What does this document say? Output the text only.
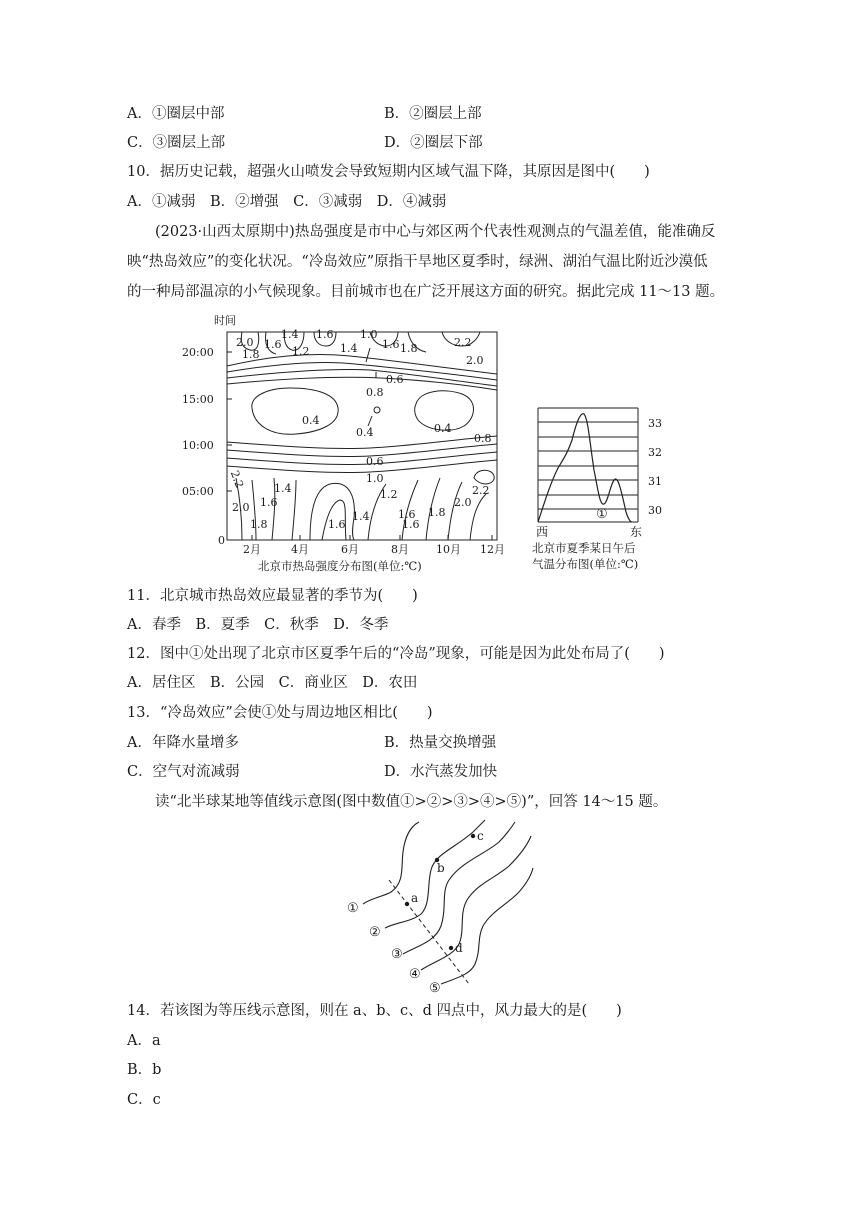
A．①圈层中部	B．②圈层上部
C．③圈层上部	D．②圈层下部
10．据历史记载，超强火山喷发会导致短期内区域气温下降，其原因是图中(　　)
A．①减弱　B．②增强　C．③减弱　D．④减弱
(2023·山西太原期中)热岛强度是市中心与郊区两个代表性观测点的气温差值，能准确反
映“热岛效应”的变化状况。“冷岛效应”原指干旱地区夏季时，绿洲、湖泊气温比附近沙漠低
的一种局部温凉的小气候现象。目前城市也在广泛开展这方面的研究。据此完成 11～13 题。
2.0 1.6
1.4 1.6 1.0
1.6	2.2
1.8	1.2	1.4	1.8
2.0
0.6
0.8
0.4
0.4	0.4
0.8
0.6
1.0
1.2
1.4
1.6
2.0
1.8
2.2
1.4
1.6	1.6
1.8
2.0
2.2
1.6
时间
20:00
15:00
10:00
05:00
0
2月	4月	6月	8月 10月 12月
北京市热岛强度分布图(单位:℃)
33
32
31
30
①
西	东
北京市夏季某日午后
气温分布图(单位:℃)
11．北京城市热岛效应最显著的季节为(　　)
A．春季　B．夏季　C．秋季　D．冬季
12．图中①处出现了北京市区夏季午后的“冷岛”现象，可能是因为此处布局了(　　)
A．居住区　B．公园　C．商业区　D．农田
13．“冷岛效应”会使①处与周边地区相比(　　)
A．年降水量增多	B．热量交换增强
C．空气对流减弱	D．水汽蒸发加快
读“北半球某地等值线示意图(图中数值①>②>③>④>⑤)”，回答 14～15 题。
①
②
③
④
⑤
a
b
c
d
14．若该图为等压线示意图，则在 a、b、c、d 四点中，风力最大的是(　　)
A．a
B．b
C．c
